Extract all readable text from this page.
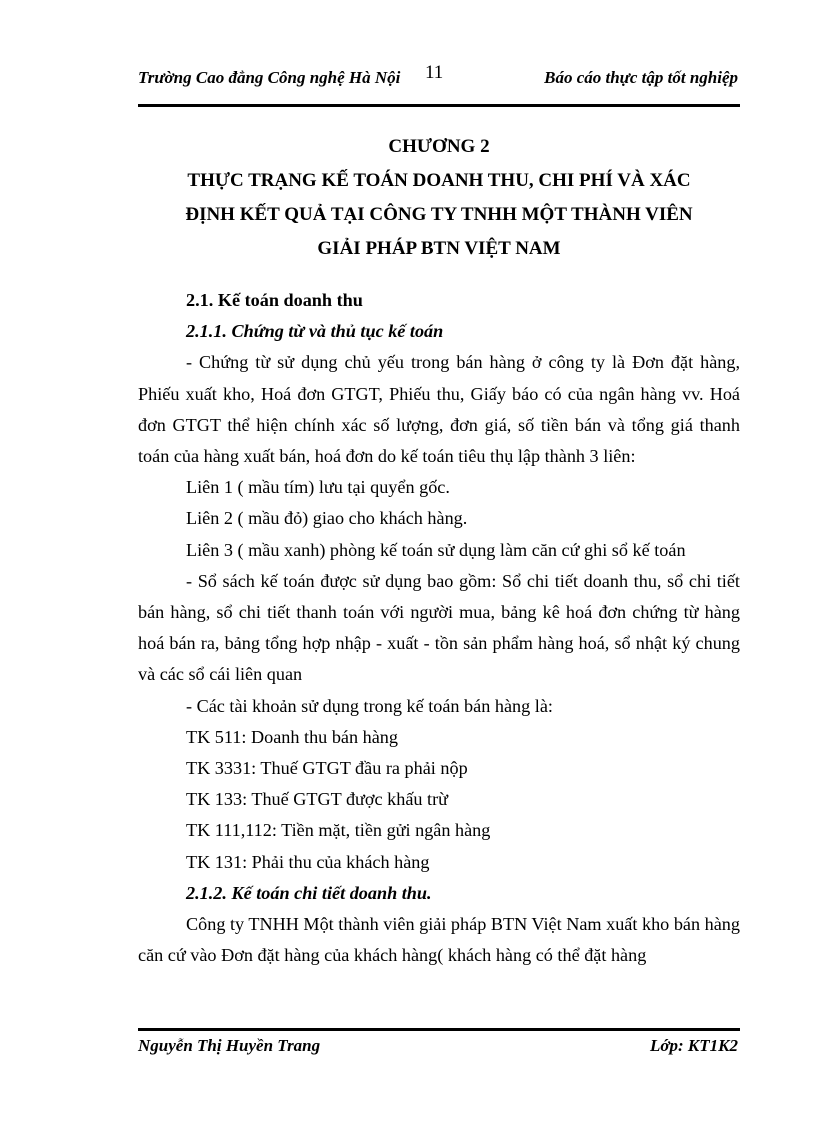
Trường Cao đẳng Công nghệ Hà Nội 11	Báo cáo thực tập tốt nghiệp
CHƯƠNG 2
THỰC TRẠNG KẾ TOÁN DOANH THU, CHI PHÍ VÀ XÁC
ĐỊNH KẾT QUẢ TẠI CÔNG TY TNHH MỘT THÀNH VIÊN
GIẢI PHÁP BTN VIỆT NAM

2.1. Kế toán doanh thu

2.1.1. Chứng từ và thủ tục kế toán

- Chứng từ sử dụng chủ yếu trong bán hàng ở công ty là Đơn đặt hàng, Phiếu xuất kho, Hoá đơn GTGT, Phiếu thu, Giấy báo có của ngân hàng vv. Hoá đơn GTGT thể hiện chính xác số lượng, đơn giá, số tiền bán và tổng giá thanh toán của hàng xuất bán, hoá đơn do kế toán tiêu thụ lập thành 3 liên:

Liên 1 ( mầu tím) lưu tại quyển gốc.

Liên 2 ( mầu đỏ) giao cho khách hàng.

Liên 3 ( mầu xanh) phòng kế toán sử dụng làm căn cứ ghi sổ kế toán

- Sổ sách kế toán được sử dụng bao gồm: Sổ chi tiết doanh thu, sổ chi tiết bán hàng, sổ chi tiết thanh toán với người mua, bảng kê hoá đơn chứng từ hàng hoá bán ra, bảng tổng hợp nhập - xuất - tồn sản phẩm hàng hoá, sổ nhật ký chung và các sổ cái liên quan

- Các tài khoản sử dụng trong kế toán bán hàng là:

TK 511: Doanh thu bán hàng

TK 3331: Thuế GTGT đầu ra phải nộp

TK 133: Thuế GTGT được khấu trừ

TK 111,112: Tiền mặt, tiền gửi ngân hàng

TK 131: Phải thu của khách hàng

2.1.2. Kế toán chi tiết doanh thu.

Công ty TNHH Một thành viên giải pháp BTN Việt Nam xuất kho bán hàng căn cứ vào Đơn đặt hàng của khách hàng( khách hàng có thể đặt hàng

Nguyễn Thị Huyền Trang	Lớp: KT1K2
